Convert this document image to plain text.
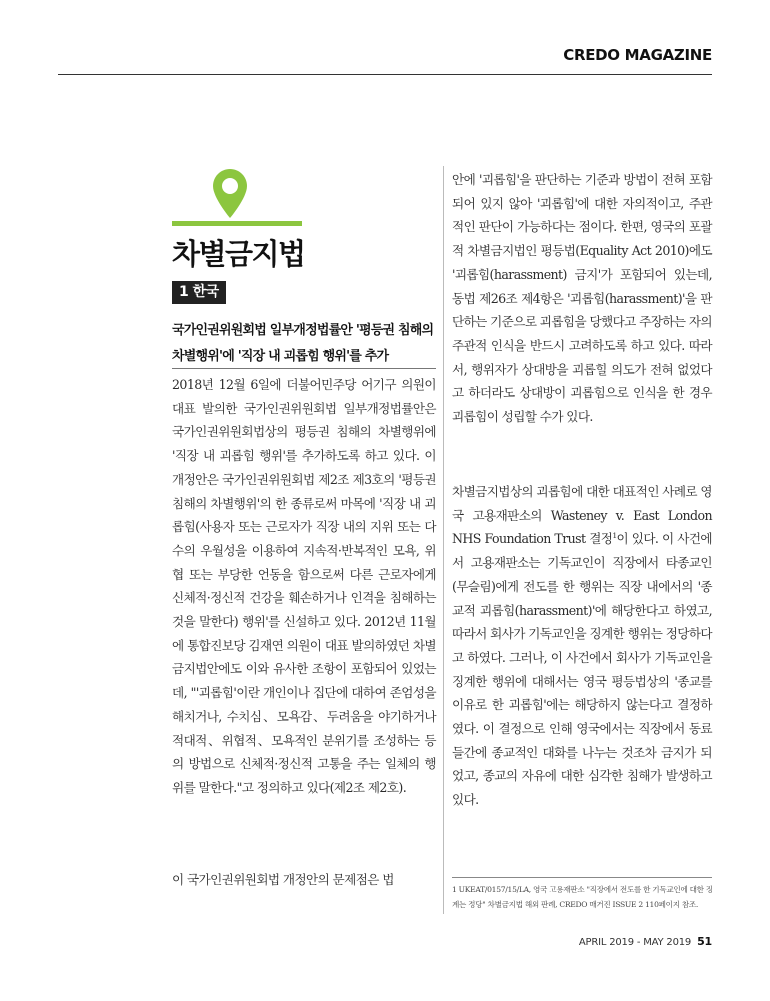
CREDO MAGAZINE
차별금지법
1 한국
국가인권위원회법 일부개정법률안 '평등권 침해의 차별행위'에 '직장 내 괴롭힘 행위'를 추가

2018년 12월 6일에 더불어민주당 어기구 의원이 대표 발의한 국가인권위원회법 일부개정법률안은 국가인권위원회법상의 평등권 침해의 차별행위에 '직장 내 괴롭힘 행위'를 추가하도록 하고 있다. 이 개정안은 국가인권위원회법 제2조 제3호의 '평등권 침해의 차별행위'의 한 종류로써 마목에 '직장 내 괴롭힘(사용자 또는 근로자가 직장 내의 지위 또는 다수의 우월성을 이용하여 지속적·반복적인 모욕, 위협 또는 부당한 언동을 함으로써 다른 근로자에게 신체적·정신적 건강을 훼손하거나 인격을 침해하는 것을 말한다) 행위'를 신설하고 있다. 2012년 11월에 통합진보당 김재연 의원이 대표 발의하였던 차별금지법안에도 이와 유사한 조항이 포함되어 있었는데, "'괴롭힘'이란 개인이나 집단에 대하여 존엄성을 해치거나, 수치심、모욕감、두려움을 야기하거나 적대적、위협적、모욕적인 분위기를 조성하는 등의 방법으로 신체적·정신적 고통을 주는 일체의 행위를 말한다."고 정의하고 있다(제2조 제2호).

이 국가인권위원회법 개정안의 문제점은 법

안에 '괴롭힘'을 판단하는 기준과 방법이 전혀 포함되어 있지 않아 '괴롭힘'에 대한 자의적이고, 주관적인 판단이 가능하다는 점이다. 한편, 영국의 포괄적 차별금지법인 평등법(Equality Act 2010)에도 '괴롭힘(harassment) 금지'가 포함되어 있는데, 동법 제26조 제4항은 '괴롭힘(harassment)'을 판단하는 기준으로 괴롭힘을 당했다고 주장하는 자의 주관적 인식을 반드시 고려하도록 하고 있다. 따라서, 행위자가 상대방을 괴롭힐 의도가 전혀 없었다고 하더라도 상대방이 괴롭힘으로 인식을 한 경우 괴롭힘이 성립할 수가 있다.

차별금지법상의 괴롭힘에 대한 대표적인 사례로 영국 고용재판소의 Wasteney v. East London NHS Foundation Trust 결정$^1$이 있다. 이 사건에서 고용재판소는 기독교인이 직장에서 타종교인(무슬림)에게 전도를 한 행위는 직장 내에서의 '종교적 괴롭힘(harassment)'에 해당한다고 하였고, 따라서 회사가 기독교인을 징계한 행위는 정당하다고 하였다. 그러나, 이 사건에서 회사가 기독교인을 징계한 행위에 대해서는 영국 평등법상의 '종교를 이유로 한 괴롭힘'에는 해당하지 않는다고 결정하였다. 이 결정으로 인해 영국에서는 직장에서 동료들간에 종교적인 대화를 나누는 것조차 금지가 되었고, 종교의 자유에 대한 심각한 침해가 발생하고 있다.

1 UKEAT/0157/15/LA, 영국 고용재판소 "직장에서 전도를 한 기독교인에 대한 징계는 정당" 차별금지법 해외 판례, CREDO 매거진 ISSUE 2 110페이지 참조.
APRIL 2019 - MAY 2019 51
